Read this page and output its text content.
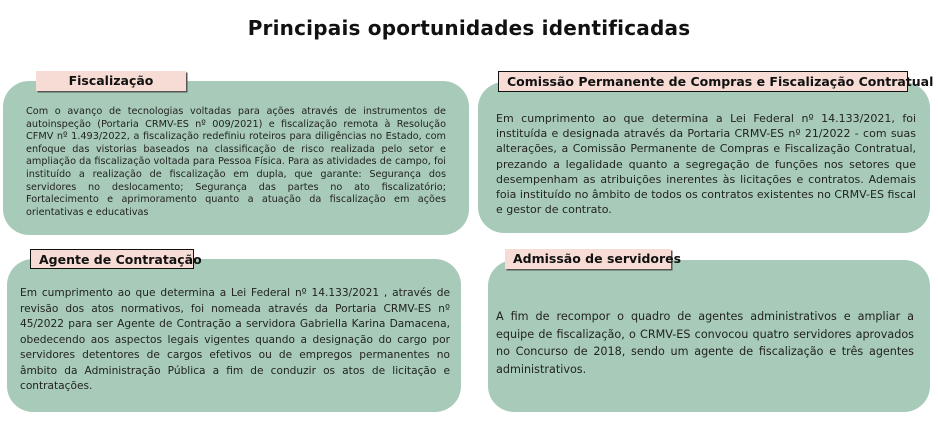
Principais oportunidades identificadas
Fiscalização

Com o avanço de tecnologias voltadas para ações através de instrumentos de autoinspeção (Portaria CRMV-ES nº 009/2021) e fiscalização remota à Resolução CFMV nº 1.493/2022, a fiscalização redefiniu roteiros para diligências no Estado, com enfoque das vistorias baseados na classificação de risco realizada pelo setor e ampliação da fiscalização voltada para Pessoa Física. Para as atividades de campo, foi instituído a realização de fiscalização em dupla, que garante: Segurança dos servidores no deslocamento; Segurança das partes no ato fiscalizatório; Fortalecimento e aprimoramento quanto a atuação da fiscalização em ações orientativas e educativas

Comissão Permanente de Compras e Fiscalização Contratual

Em cumprimento ao que determina a Lei Federal nº 14.133/2021, foi instituída e designada através da Portaria CRMV-ES nº 21/2022 - com suas alterações, a Comissão Permanente de Compras e Fiscalização Contratual, prezando a legalidade quanto a segregação de funções nos setores que desempenham as atribuições inerentes às licitações e contratos. Ademais foia instituído no âmbito de todos os contratos existentes no CRMV-ES fiscal e gestor de contrato.

Agente de Contratação

Em cumprimento ao que determina a Lei Federal nº 14.133/2021 , através de revisão dos atos normativos, foi nomeada através da Portaria CRMV-ES nº 45/2022 para ser Agente de Contração a servidora Gabriella Karina Damacena, obedecendo aos aspectos legais vigentes quando a designação do cargo por servidores detentores de cargos efetivos ou de empregos permanentes no âmbito da Administração Pública a fim de conduzir os atos de licitação e contratações.

Admissão de servidores

A fim de recompor o quadro de agentes administrativos e ampliar a equipe de fiscalização, o CRMV-ES convocou quatro servidores aprovados no Concurso de 2018, sendo um agente de fiscalização e três agentes administrativos.
